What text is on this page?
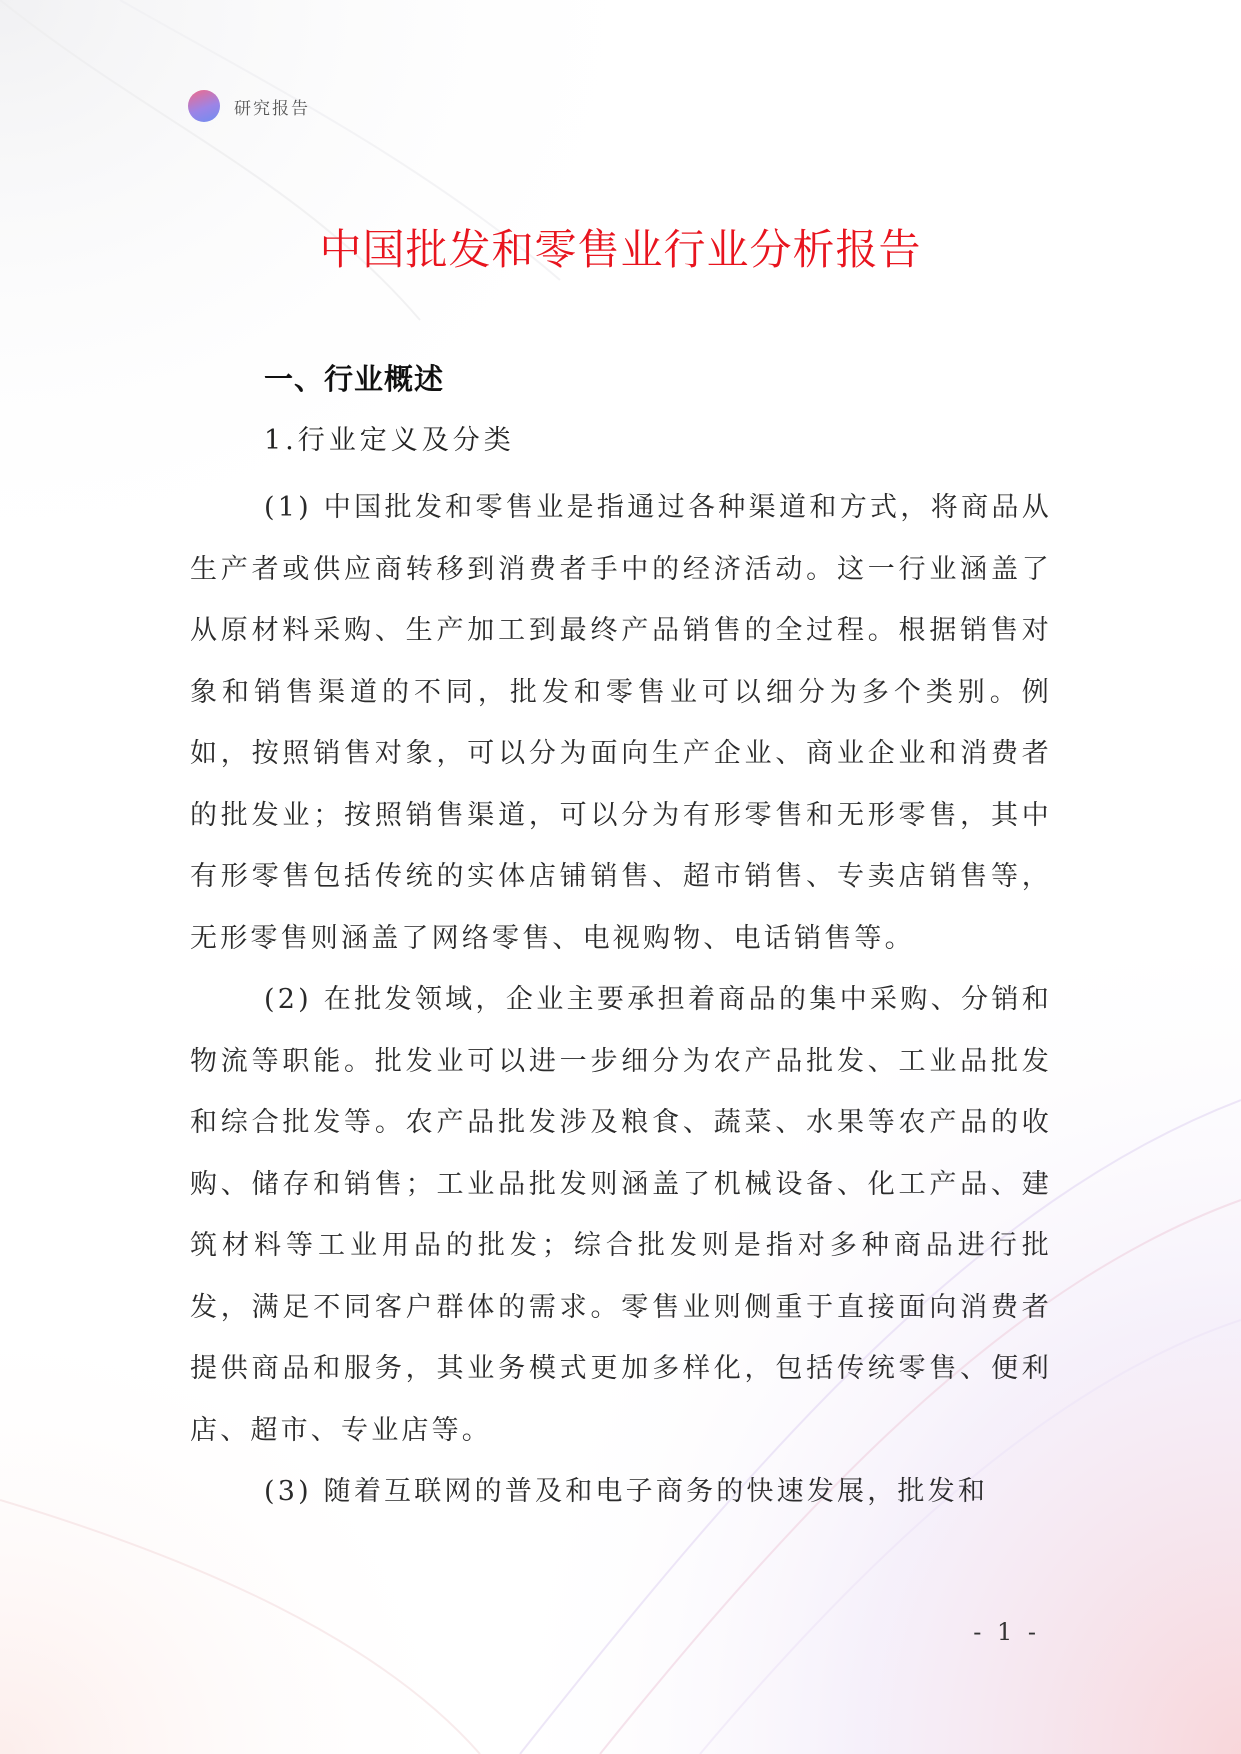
研究报告
中国批发和零售业行业分析报告
一、行业概述
1.行业定义及分类

(1) 中国批发和零售业是指通过各种渠道和方式，将商品从生产者或供应商转移到消费者手中的经济活动。这一行业涵盖了从原材料采购、生产加工到最终产品销售的全过程。根据销售对象和销售渠道的不同，批发和零售业可以细分为多个类别。例如，按照销售对象，可以分为面向生产企业、商业企业和消费者的批发业；按照销售渠道，可以分为有形零售和无形零售，其中有形零售包括传统的实体店铺销售、超市销售、专卖店销售等，无形零售则涵盖了网络零售、电视购物、电话销售等。

(2) 在批发领域，企业主要承担着商品的集中采购、分销和物流等职能。批发业可以进一步细分为农产品批发、工业品批发和综合批发等。农产品批发涉及粮食、蔬菜、水果等农产品的收购、储存和销售；工业品批发则涵盖了机械设备、化工产品、建筑材料等工业用品的批发；综合批发则是指对多种商品进行批发，满足不同客户群体的需求。零售业则侧重于直接面向消费者提供商品和服务，其业务模式更加多样化，包括传统零售、便利店、超市、专业店等。

(3) 随着互联网的普及和电子商务的快速发展，批发和

- 1 -
